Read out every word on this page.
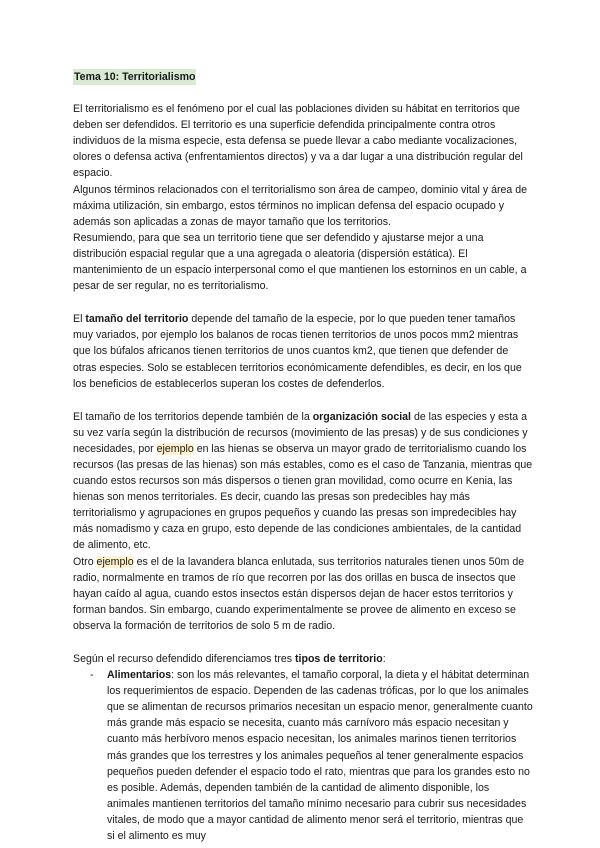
Tema 10: Territorialismo

El territorialismo es el fenómeno por el cual las poblaciones dividen su hábitat en territorios que deben ser defendidos. El territorio es una superficie defendida principalmente contra otros individuos de la misma especie, esta defensa se puede llevar a cabo mediante vocalizaciones, olores o defensa activa (enfrentamientos directos) y va a dar lugar a una distribución regular del espacio.

Algunos términos relacionados con el territorialismo son área de campeo, dominio vital y área de máxima utilización, sin embargo, estos términos no implican defensa del espacio ocupado y además son aplicadas a zonas de mayor tamaño que los territorios.

Resumiendo, para que sea un territorio tiene que ser defendido y ajustarse mejor a una distribución espacial regular que a una agregada o aleatoria (dispersión estática). El mantenimiento de un espacio interpersonal como el que mantienen los estorninos en un cable, a pesar de ser regular, no es territorialismo.

El tamaño del territorio depende del tamaño de la especie, por lo que pueden tener tamaños muy variados, por ejemplo los balanos de rocas tienen territorios de unos pocos mm2 mientras que los búfalos africanos tienen territorios de unos cuantos km2, que tienen que defender de otras especies. Solo se establecen territorios económicamente defendibles, es decir, en los que los beneficios de establecerlos superan los costes de defenderlos.

El tamaño de los territorios depende también de la organización social de las especies y esta a su vez varía según la distribución de recursos (movimiento de las presas) y de sus condiciones y necesidades, por ejemplo en las hienas se observa un mayor grado de territorialismo cuando los recursos (las presas de las hienas) son más estables, como es el caso de Tanzania, mientras que cuando estos recursos son más dispersos o tienen gran movilidad, como ocurre en Kenia, las hienas son menos territoriales. Es decir, cuando las presas son predecibles hay más territorialismo y agrupaciones en grupos pequeños y cuando las presas son impredecibles hay más nomadismo y caza en grupo, esto depende de las condiciones ambientales, de la cantidad de alimento, etc.

Otro ejemplo es el de la lavandera blanca enlutada, sus territorios naturales tienen unos 50m de radio, normalmente en tramos de río que recorren por las dos orillas en busca de insectos que hayan caído al agua, cuando estos insectos están dispersos dejan de hacer estos territorios y forman bandos. Sin embargo, cuando experimentalmente se provee de alimento en exceso se observa la formación de territorios de solo 5 m de radio.

Según el recurso defendido diferenciamos tres tipos de territorio:

- Alimentarios: son los más relevantes, el tamaño corporal, la dieta y el hábitat determinan los requerimientos de espacio. Dependen de las cadenas tróficas, por lo que los animales que se alimentan de recursos primarios necesitan un espacio menor, generalmente cuanto más grande más espacio se necesita, cuanto más carnívoro más espacio necesitan y cuanto más herbívoro menos espacio necesitan, los animales marinos tienen territorios más grandes que los terrestres y los animales pequeños al tener generalmente espacios pequeños pueden defender el espacio todo el rato, mientras que para los grandes esto no es posible. Además, dependen también de la cantidad de alimento disponible, los animales mantienen territorios del tamaño mínimo necesario para cubrir sus necesidades vitales, de modo que a mayor cantidad de alimento menor será el territorio, mientras que si el alimento es muy
